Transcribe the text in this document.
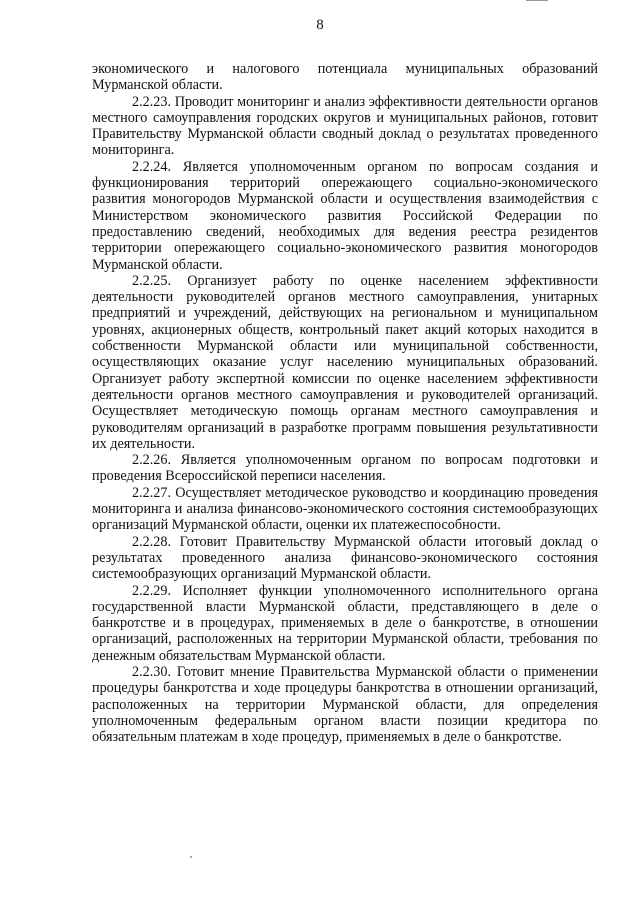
8

экономического и налогового потенциала муниципальных образований Мурманской области.

2.2.23. Проводит мониторинг и анализ эффективности деятельности органов местного самоуправления городских округов и муниципальных районов, готовит Правительству Мурманской области сводный доклад о результатах проведенного мониторинга.

2.2.24. Является уполномоченным органом по вопросам создания и функционирования территорий опережающего социально-экономического развития моногородов Мурманской области и осуществления взаимодействия с Министерством экономического развития Российской Федерации по предоставлению сведений, необходимых для ведения реестра резидентов территории опережающего социально-экономического развития моногородов Мурманской области.

2.2.25. Организует работу по оценке населением эффективности деятельности руководителей органов местного самоуправления, унитарных предприятий и учреждений, действующих на региональном и муниципальном уровнях, акционерных обществ, контрольный пакет акций которых находится в собственности Мурманской области или муниципальной собственности, осуществляющих оказание услуг населению муниципальных образований. Организует работу экспертной комиссии по оценке населением эффективности деятельности органов местного самоуправления и руководителей организаций. Осуществляет методическую помощь органам местного самоуправления и руководителям организаций в разработке программ повышения результативности их деятельности.

2.2.26. Является уполномоченным органом по вопросам подготовки и проведения Всероссийской переписи населения.

2.2.27. Осуществляет методическое руководство и координацию проведения мониторинга и анализа финансово-экономического состояния системообразующих организаций Мурманской области, оценки их платежеспособности.

2.2.28. Готовит Правительству Мурманской области итоговый доклад о результатах проведенного анализа финансово-экономического состояния системообразующих организаций Мурманской области.

2.2.29. Исполняет функции уполномоченного исполнительного органа государственной власти Мурманской области, представляющего в деле о банкротстве и в процедурах, применяемых в деле о банкротстве, в отношении организаций, расположенных на территории Мурманской области, требования по денежным обязательствам Мурманской области.

2.2.30. Готовит мнение Правительства Мурманской области о применении процедуры банкротства и ходе процедуры банкротства в отношении организаций, расположенных на территории Мурманской области, для определения уполномоченным федеральным органом власти позиции кредитора по обязательным платежам в ходе процедур, применяемых в деле о банкротстве.
